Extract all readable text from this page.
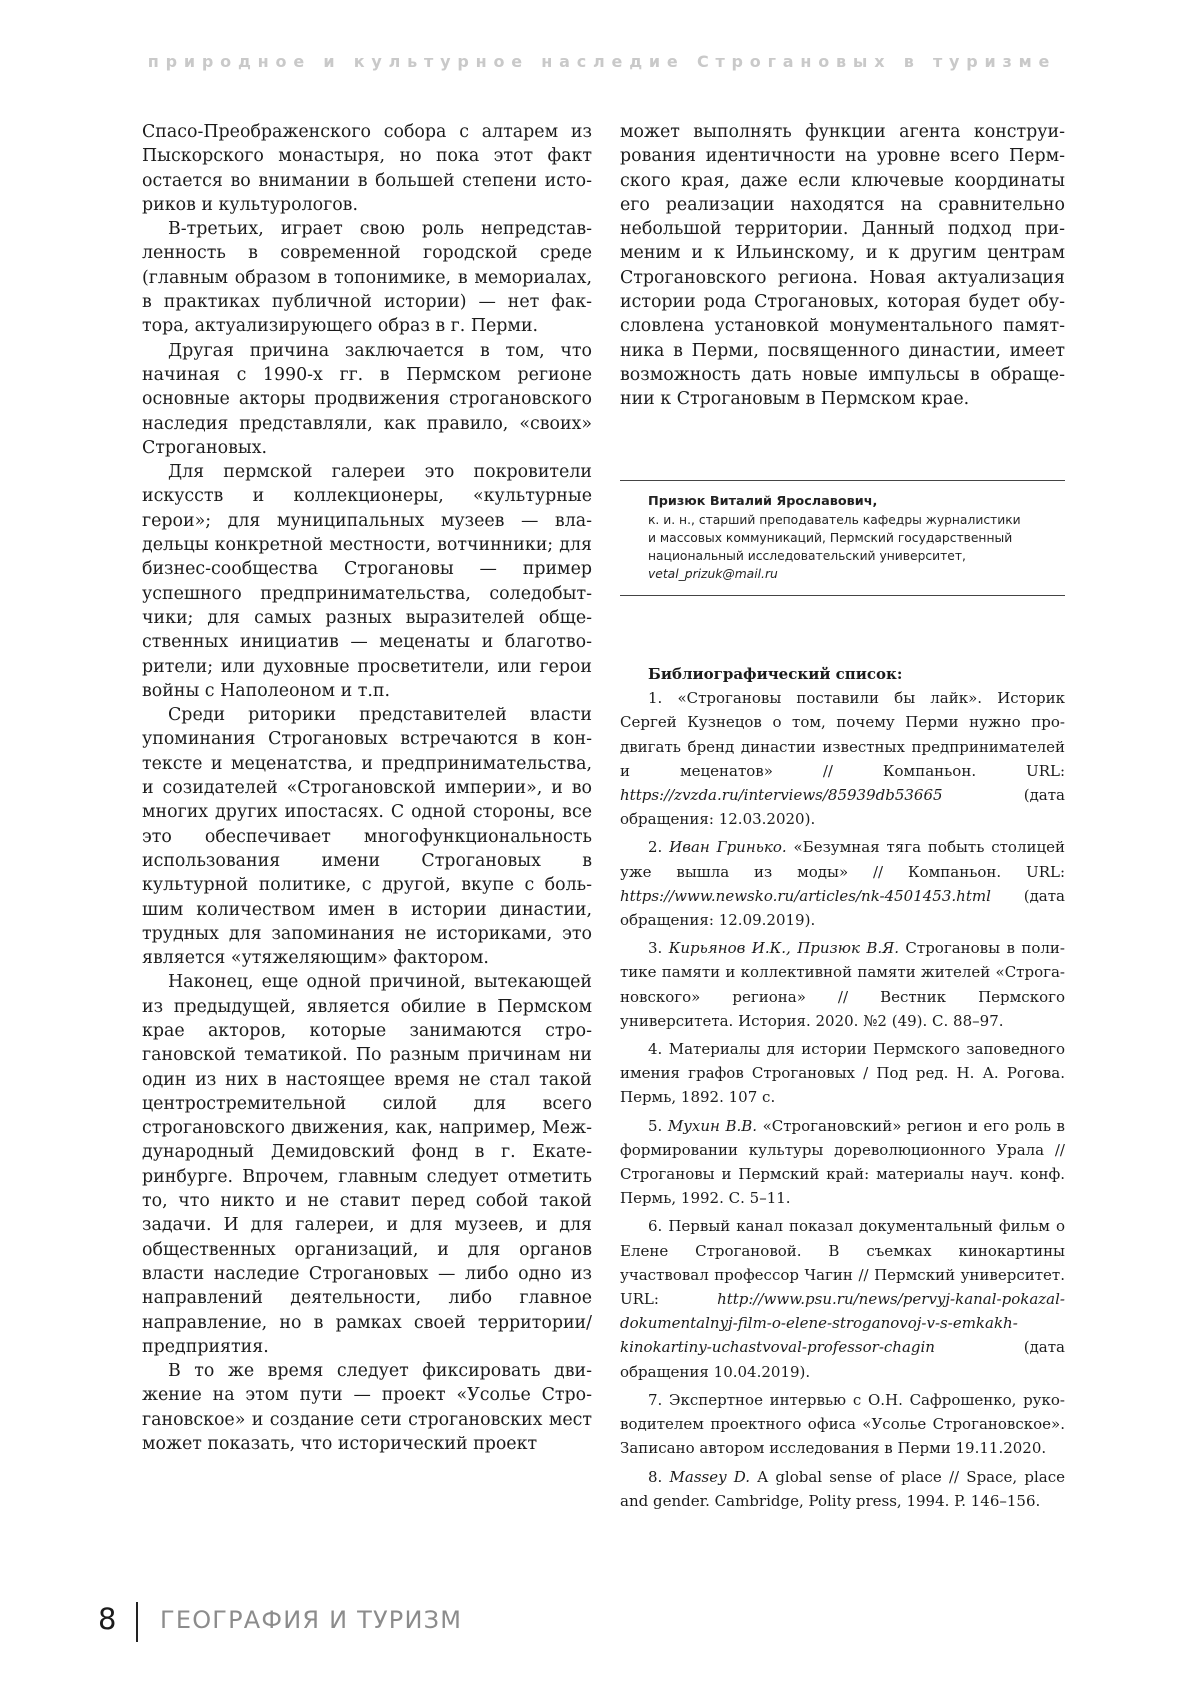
природное и культурное наследие Строгановых в туризме

Спасо-Преображенского собора с алтарем из Пыскорского монастыря, но пока этот факт остается во внимании в большей степени историков и культурологов.

В-третьих, играет свою роль непредставленность в современной городской среде (главным образом в топонимике, в мемориалах, в практиках публичной истории) — нет фактора, актуализирующего образ в г. Перми.

Другая причина заключается в том, что начиная с 1990-х гг. в Пермском регионе основные акторы продвижения строгановского наследия представляли, как правило, «своих» Строгановых.

Для пермской галереи это покровители искусств и коллекционеры, «культурные герои»; для муниципальных музеев — владельцы конкретной местности, вотчинники; для бизнес-сообщества Строгановы — пример успешного предпринимательства, соледобытчики; для самых разных выразителей общественных инициатив — меценаты и благотворители; или духовные просветители, или герои войны с Наполеоном и т.п.

Среди риторики представителей власти упоминания Строгановых встречаются в контексте и меценатства, и предпринимательства, и созидателей «Строгановской империи», и во многих других ипостасях. С одной стороны, все это обеспечивает многофункциональность использования имени Строгановых в культурной политике, с другой, вкупе с большим количеством имен в истории династии, трудных для запоминания не историками, это является «утяжеляющим» фактором.

Наконец, еще одной причиной, вытекающей из предыдущей, является обилие в Пермском крае акторов, которые занимаются строгановской тематикой. По разным причинам ни один из них в настоящее время не стал такой центростремительной силой для всего строгановского движения, как, например, Международный Демидовский фонд в г. Екатеринбурге. Впрочем, главным следует отметить то, что никто и не ставит перед собой такой задачи. И для галереи, и для музеев, и для общественных организаций, и для органов власти наследие Строгановых — либо одно из направлений деятельности, либо главное направление, но в рамках своей территории/ предприятия.

В то же время следует фиксировать движение на этом пути — проект «Усолье Строгановское» и создание сети строгановских мест может показать, что исторический проект

может выполнять функции агента конструирования идентичности на уровне всего Пермского края, даже если ключевые координаты его реализации находятся на сравнительно небольшой территории. Данный подход применим и к Ильинскому, и к другим центрам Строгановского региона. Новая актуализация истории рода Строгановых, которая будет обусловлена установкой монументального памятника в Перми, посвященного династии, имеет возможность дать новые импульсы в обращении к Строгановым в Пермском крае.

Призюк Виталий Ярославович,
к. и. н., старший преподаватель кафедры журналистики
и массовых коммуникаций, Пермский государственный
национальный исследовательский университет,
vetal_prizuk@mail.ru
Библиографический список:

1. «Строгановы поставили бы лайк». Историк Сергей Кузнецов о том, почему Перми нужно продвигать бренд династии известных предпринимателей и меценатов» // Компаньон. URL: https://zvzda.ru/interviews/85939db53665 (дата обращения: 12.03.2020).

2. Иван Гринько. «Безумная тяга побыть столицей уже вышла из моды» // Компаньон. URL: https://www.newsko.ru/articles/nk-4501453.html (дата обращения: 12.09.2019).

3. Кирьянов И.К., Призюк В.Я. Строгановы в политике памяти и коллективной памяти жителей «Строгановского» региона» // Вестник Пермского университета. История. 2020. №2 (49). С. 88–97.

4. Материалы для истории Пермского заповедного имения графов Строгановых / Под ред. Н. А. Рогова. Пермь, 1892. 107 с.

5. Мухин В.В. «Строгановский» регион и его роль в формировании культуры дореволюционного Урала // Строгановы и Пермский край: материалы науч. конф. Пермь, 1992. С. 5–11.

6. Первый канал показал документальный фильм о Елене Строгановой. В съемках кинокартины участвовал профессор Чагин // Пермский университет. URL: http://www.psu.ru/news/pervyj-kanal-pokazal-dokumentalnyj-film-o-elene-stroganovoj-v-s-emkakh-kinokartiny-uchastvoval-professor-chagin (дата обращения 10.04.2019).

7. Экспертное интервью с О.Н. Сафрошенко, руководителем проектного офиса «Усолье Строгановское». Записано автором исследования в Перми 19.11.2020.

8. Massey D. A global sense of place // Space, place and gender. Cambridge, Polity press, 1994. P. 146–156.

8 ГЕОГРАФИЯ И ТУРИЗМ
